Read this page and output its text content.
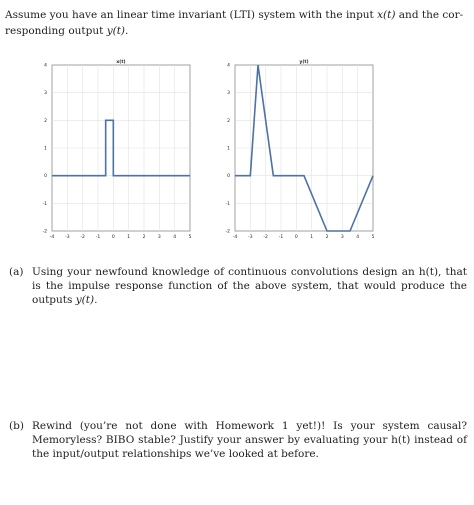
Assume you have an linear time invariant (LTI) system with the input x(t) and the cor-
responding output y(t).
-4 -3 -2 -1	0	1	2	3	4	5
4
3
2
1
0
-1
-2
x(t)
-4 -3 -2 -1	0	1	2	3	4	5
4
3
2
1
0
-1
-2
y(t)
(a) Using your newfound knowledge of continuous convolutions design an h(t), that is the impulse response function of the above system, that would produce the outputs y(t).
(b) Rewind (you’re not done with Homework 1 yet!)! Is your system causal? Memoryless? BIBO stable? Justify your answer by evaluating your h(t) instead of the input/output relationships we’ve looked at before.
